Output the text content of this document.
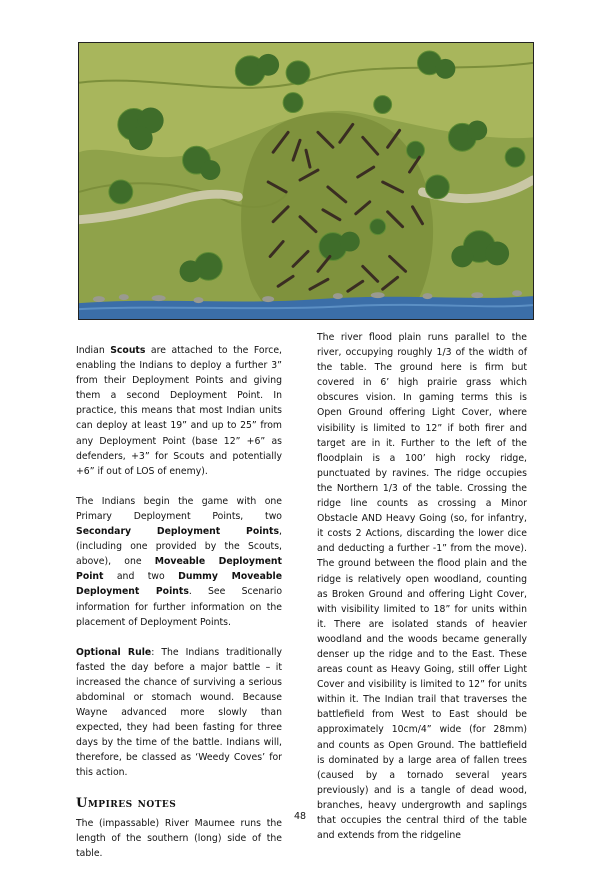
Indian Scouts are attached to the Force, enabling the Indians to deploy a further 3” from their Deployment Points and giving them a second Deployment Point. In practice, this means that most Indian units can deploy at least 19” and up to 25” from any Deployment Point (base 12” +6” as defenders, +3” for Scouts and potentially +6” if out of LOS of enemy).

The Indians begin the game with one Primary Deployment Points, two Secondary Deployment Points, (including one provided by the Scouts, above), one Moveable Deployment Point and two Dummy Moveable Deployment Points. See Scenario information for further information on the placement of Deployment Points.

Optional Rule: The Indians traditionally fasted the day before a major battle – it increased the chance of surviving a serious abdominal or stomach wound. Because Wayne advanced more slowly than expected, they had been fasting for three days by the time of the battle. Indians will, therefore, be classed as ‘Weedy Coves’ for this action.

Umpires notes

The (impassable) River Maumee runs the length of the southern (long) side of the table.

The river flood plain runs parallel to the river, occupying roughly 1/3 of the width of the table. The ground here is firm but covered in 6’ high prairie grass which obscures vision. In gaming terms this is Open Ground offering Light Cover, where visibility is limited to 12” if both firer and target are in it. Further to the left of the floodplain is a 100’ high rocky ridge, punctuated by ravines. The ridge occupies the Northern 1/3 of the table. Crossing the ridge line counts as crossing a Minor Obstacle AND Heavy Going (so, for infantry, it costs 2 Actions, discarding the lower dice and deducting a further -1” from the move). The ground between the flood plain and the ridge is relatively open woodland, counting as Broken Ground and offering Light Cover, with visibility limited to 18” for units within it. There are isolated stands of heavier woodland and the woods became generally denser up the ridge and to the East. These areas count as Heavy Going, still offer Light Cover and visibility is limited to 12” for units within it. The Indian trail that traverses the battlefield from West to East should be approximately 10cm/4” wide (for 28mm) and counts as Open Ground. The battlefield is dominated by a large area of fallen trees (caused by a tornado several years previously) and is a tangle of dead wood, branches, heavy undergrowth and saplings that occupies the central third of the table and extends from the ridgeline

48
